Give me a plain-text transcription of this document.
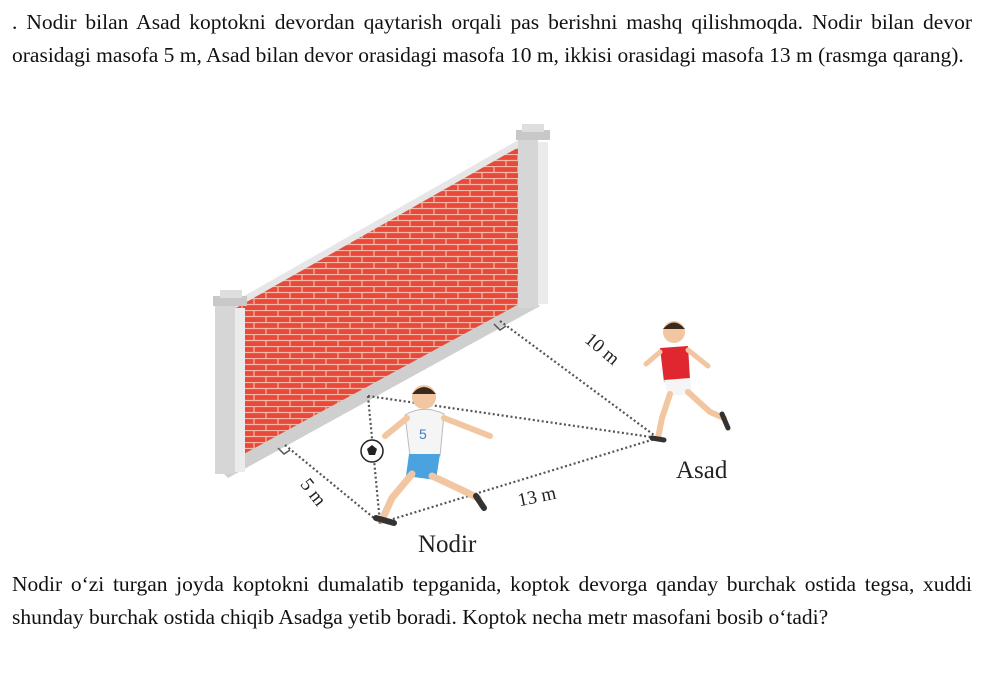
. Nodir bilan Asad koptokni devordan qaytarish orqali pas berishni mashq qilishmoqda. Nodir bilan devor orasidagi masofa 5 m, Asad bilan devor orasidagi masofa 10 m, ikkisi orasidagi masofa 13 m (rasmga qarang).

5
5 m
10 m
13 m
Asad
Nodir

Nodir o‘zi turgan joyda koptokni dumalatib tepganida, koptok devorga qanday burchak ostida tegsa, xuddi shunday burchak ostida chiqib Asadga yetib boradi. Koptok necha metr masofani bosib o‘tadi?
